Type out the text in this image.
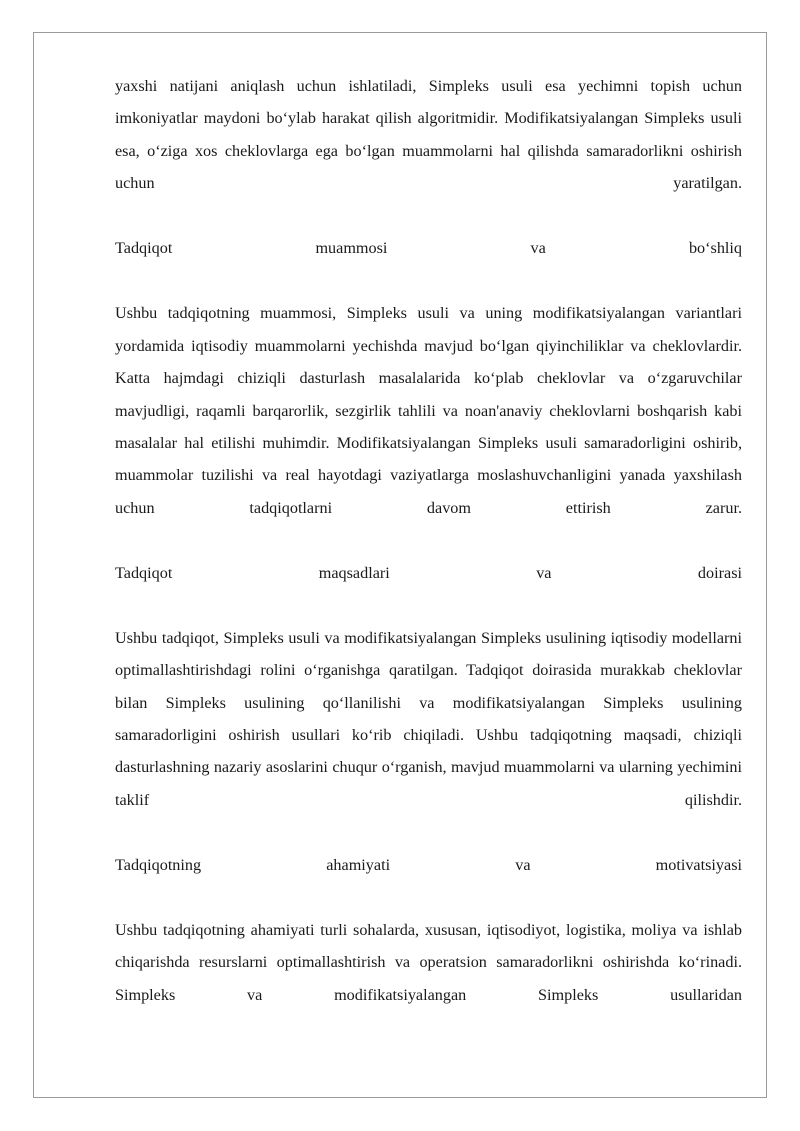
yaxshi natijani aniqlash uchun ishlatiladi, Simpleks usuli esa yechimni topish uchun imkoniyatlar maydoni bo‘ylab harakat qilish algoritmidir. Modifikatsiyalangan Simpleks usuli esa, o‘ziga xos cheklovlarga ega bo‘lgan muammolarni hal qilishda samaradorlikni oshirish uchun yaratilgan.

Tadqiqot muammosi va bo‘shliq

Ushbu tadqiqotning muammosi, Simpleks usuli va uning modifikatsiyalangan variantlari yordamida iqtisodiy muammolarni yechishda mavjud bo‘lgan qiyinchiliklar va cheklovlardir. Katta hajmdagi chiziqli dasturlash masalalarida ko‘plab cheklovlar va o‘zgaruvchilar mavjudligi, raqamli barqarorlik, sezgirlik tahlili va noan'anaviy cheklovlarni boshqarish kabi masalalar hal etilishi muhimdir. Modifikatsiyalangan Simpleks usuli samaradorligini oshirib, muammolar tuzilishi va real hayotdagi vaziyatlarga moslashuvchanligini yanada yaxshilash uchun tadqiqotlarni davom ettirish zarur.

Tadqiqot maqsadlari va doirasi

Ushbu tadqiqot, Simpleks usuli va modifikatsiyalangan Simpleks usulining iqtisodiy modellarni optimallashtirishdagi rolini o‘rganishga qaratilgan. Tadqiqot doirasida murakkab cheklovlar bilan Simpleks usulining qo‘llanilishi va modifikatsiyalangan Simpleks usulining samaradorligini oshirish usullari ko‘rib chiqiladi. Ushbu tadqiqotning maqsadi, chiziqli dasturlashning nazariy asoslarini chuqur o‘rganish, mavjud muammolarni va ularning yechimini taklif qilishdir.

Tadqiqotning ahamiyati va motivatsiyasi

Ushbu tadqiqotning ahamiyati turli sohalarda, xususan, iqtisodiyot, logistika, moliya va ishlab chiqarishda resurslarni optimallashtirish va operatsion samaradorlikni oshirishda ko‘rinadi. Simpleks va modifikatsiyalangan Simpleks usullaridan
